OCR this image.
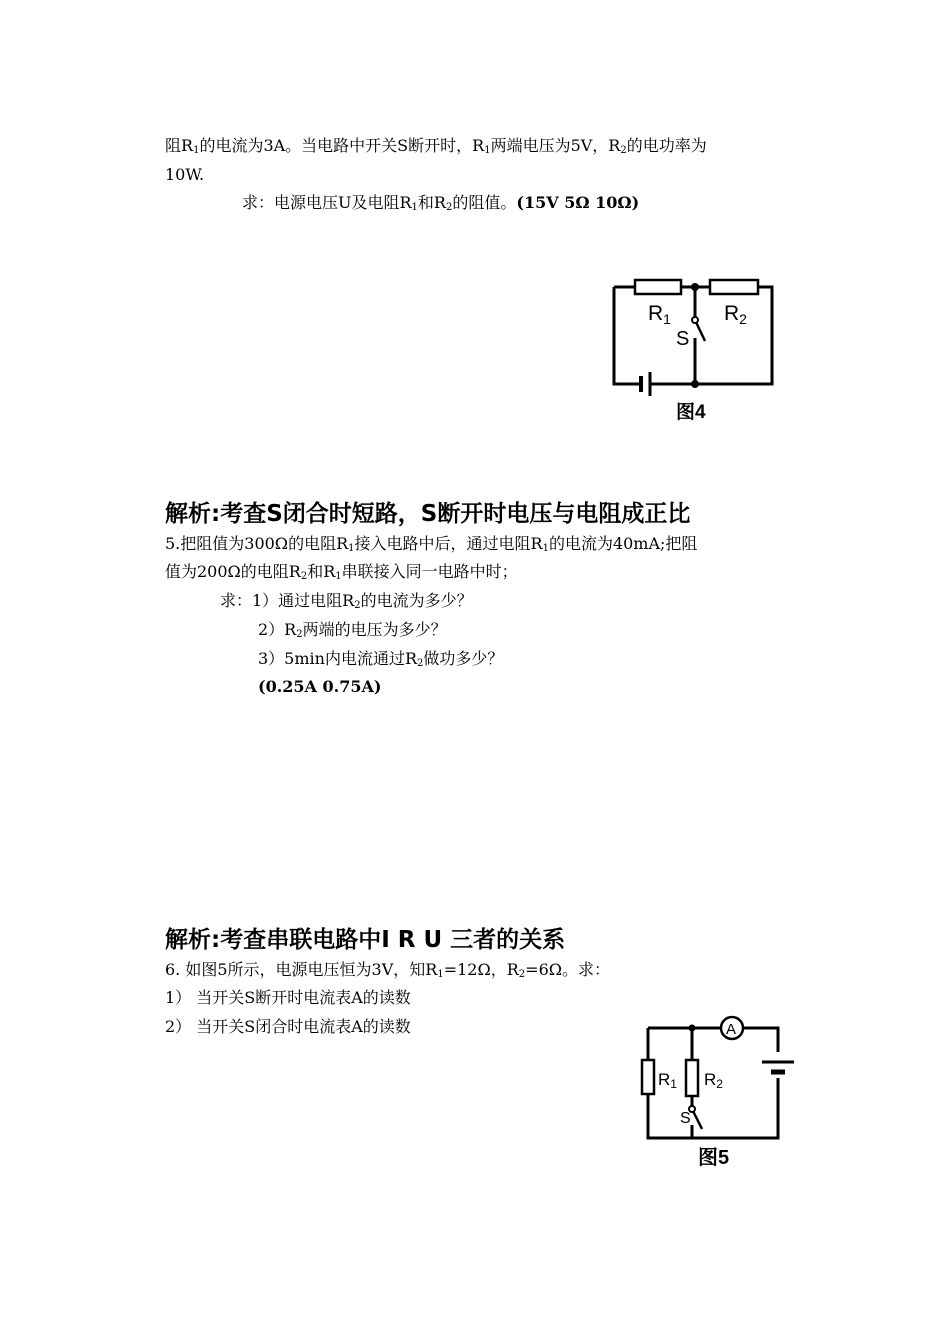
阻$R_1$的电流为3A。当电路中开关S断开时，$R_1$两端电压为5V，$R_2$的电功率为
10W.
求：电源电压U及电阻$R_1$和$R_2$的阻值。(15V 5Ω 10Ω)
R1	R2
S
图4
解析:考查S闭合时短路，S断开时电压与电阻成正比
5.把阻值为300Ω的电阻$R_1$接入电路中后，通过电阻$R_1$的电流为40mA;把阻
值为200Ω的电阻$R_2$和$R_1$串联接入同一电路中时；
求：1）通过电阻$R_2$的电流为多少？
$2)R_2$两端的电压为多少？
3）5min内电流通过$R_2$做功多少？
(0.25A 0.75A)
解析:考查串联电路中I R U 三者的关系
6. 如图5所示，电源电压恒为3V，知$R_1=12\Omega$，$R_2=6\Omega$。求：
1） 当开关S断开时电流表A的读数
2） 当开关S闭合时电流表A的读数	A
R1 R2
S
图5
